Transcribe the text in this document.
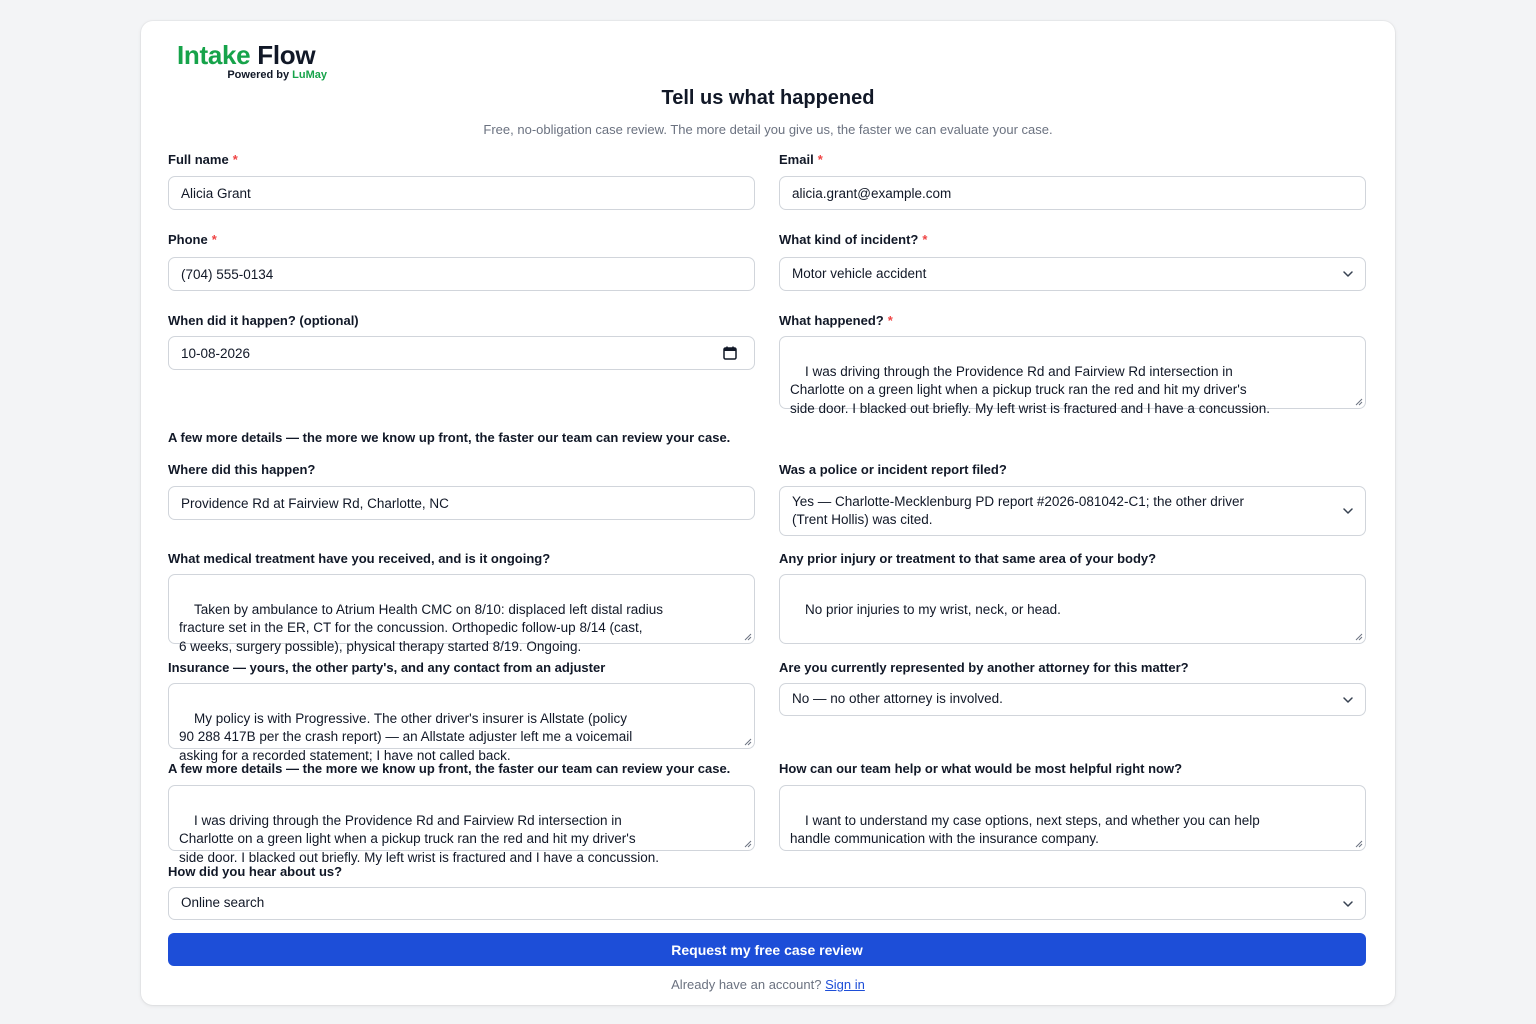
Intake Flow
Powered by LuMay
Tell us what happened
Free, no-obligation case review. The more detail you give us, the faster we can evaluate your case.
Full name *
Alicia Grant
Email *
alicia.grant@example.com
Phone *
(704) 555-0134
What kind of incident? *
Motor vehicle accident
When did it happen? (optional)
10-08-2026
What happened? *

I was driving through the Providence Rd and Fairview Rd intersection in
Charlotte on a green light when a pickup truck ran the red and hit my driver's
side door. I blacked out briefly. My left wrist is fractured and I have a concussion.

A few more details — the more we know up front, the faster our team can review your case.
Where did this happen?
Providence Rd at Fairview Rd, Charlotte, NC
Was a police or incident report filed?
Yes — Charlotte-Mecklenburg PD report #2026-081042-C1; the other driver
(Trent Hollis) was cited.
What medical treatment have you received, and is it ongoing?

Taken by ambulance to Atrium Health CMC on 8/10: displaced left distal radius
fracture set in the ER, CT for the concussion. Orthopedic follow-up 8/14 (cast,
6 weeks, surgery possible), physical therapy started 8/19. Ongoing.

Any prior injury or treatment to that same area of your body?

No prior injuries to my wrist, neck, or head.

Insurance — yours, the other party's, and any contact from an adjuster

My policy is with Progressive. The other driver's insurer is Allstate (policy
90 288 417B per the crash report) — an Allstate adjuster left me a voicemail
asking for a recorded statement; I have not called back.

Are you currently represented by another attorney for this matter?
No — no other attorney is involved.
A few more details — the more we know up front, the faster our team can review your case.

I was driving through the Providence Rd and Fairview Rd intersection in
Charlotte on a green light when a pickup truck ran the red and hit my driver's
side door. I blacked out briefly. My left wrist is fractured and I have a concussion.

How can our team help or what would be most helpful right now?

I want to understand my case options, next steps, and whether you can help
handle communication with the insurance company.

How did you hear about us?
Online search
Request my free case review
Already have an account? Sign in
